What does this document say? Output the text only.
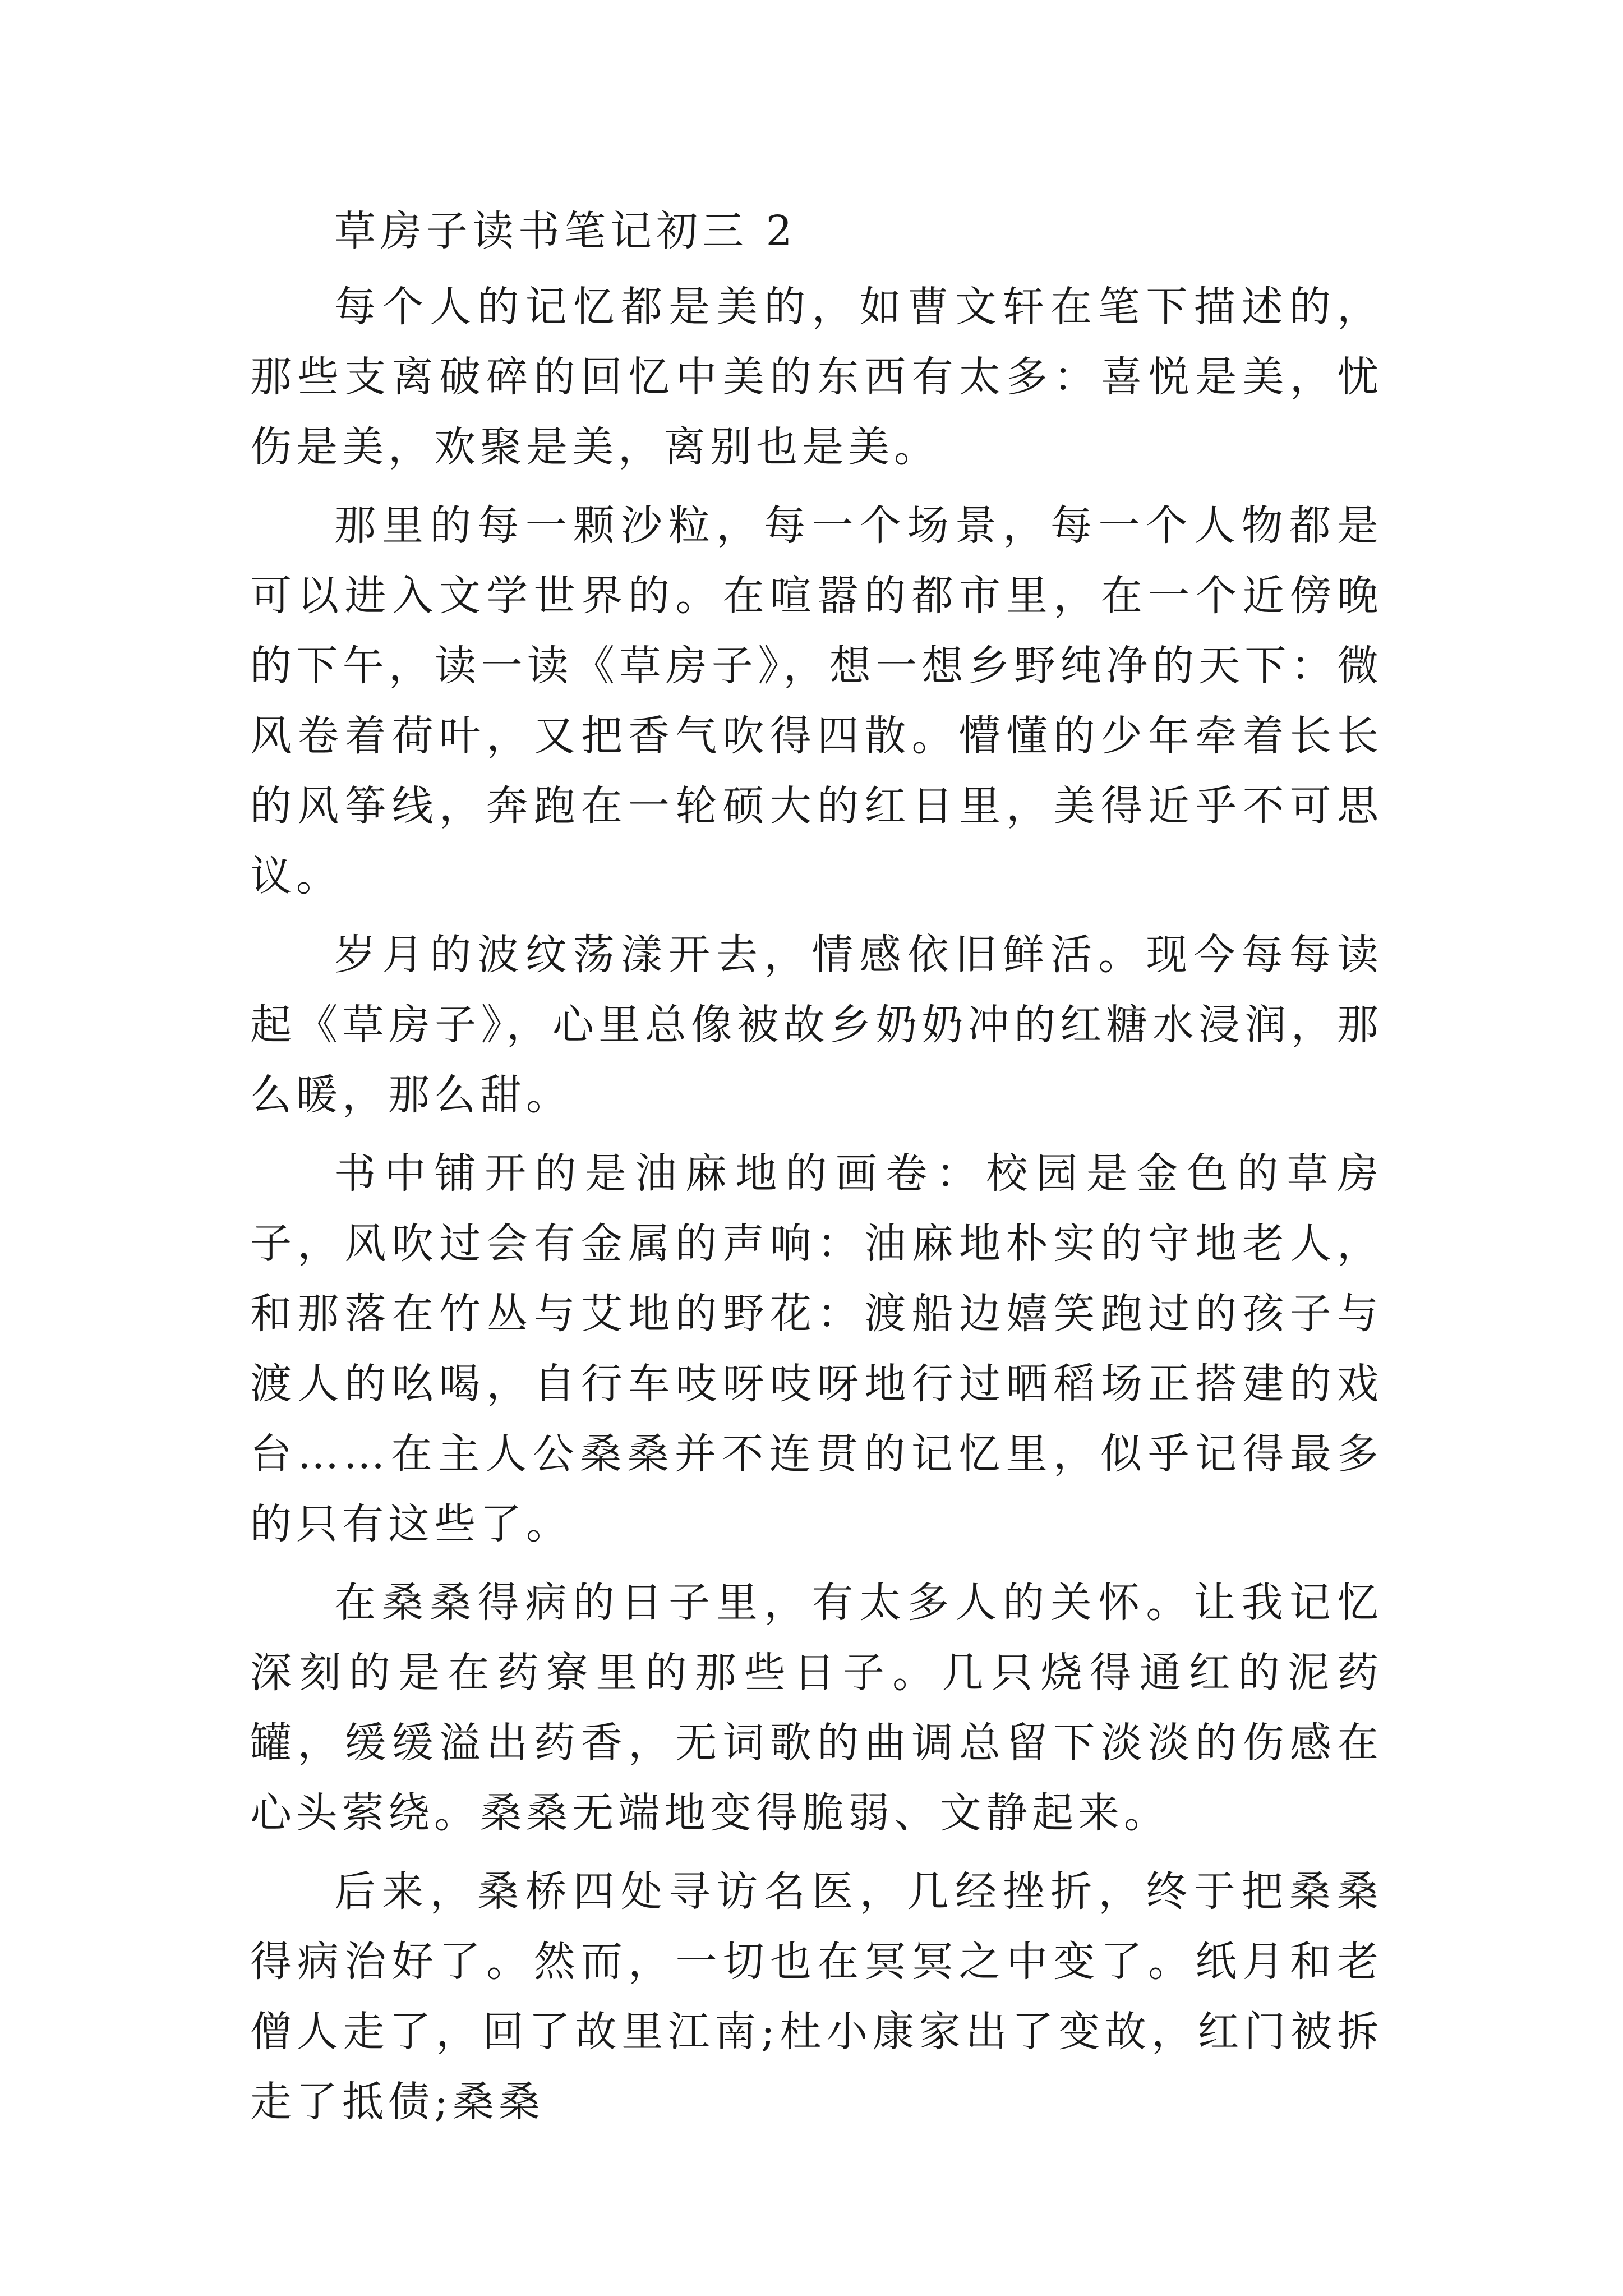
草房子读书笔记初三 2

每个人的记忆都是美的，如曹文轩在笔下描述的，那些支离破碎的回忆中美的东西有太多：喜悦是美，忧伤是美，欢聚是美，离别也是美。

那里的每一颗沙粒，每一个场景，每一个人物都是可以进入文学世界的。在喧嚣的都市里，在一个近傍晚的下午，读一读《草房子》，想一想乡野纯净的天下：微风卷着荷叶，又把香气吹得四散。懵懂的少年牵着长长的风筝线，奔跑在一轮硕大的红日里，美得近乎不可思议。

岁月的波纹荡漾开去，情感依旧鲜活。现今每每读起《草房子》，心里总像被故乡奶奶冲的红糖水浸润，那么暖，那么甜。

书中铺开的是油麻地的画卷：校园是金色的草房子，风吹过会有金属的声响：油麻地朴实的守地老人，和那落在竹丛与艾地的野花：渡船边嬉笑跑过的孩子与渡人的吆喝，自行车吱呀吱呀地行过晒稻场正搭建的戏台……在主人公桑桑并不连贯的记忆里，似乎记得最多的只有这些了。

在桑桑得病的日子里，有太多人的关怀。让我记忆深刻的是在药寮里的那些日子。几只烧得通红的泥药罐，缓缓溢出药香，无词歌的曲调总留下淡淡的伤感在心头萦绕。桑桑无端地变得脆弱、文静起来。

后来，桑桥四处寻访名医，几经挫折，终于把桑桑得病治好了。然而，一切也在冥冥之中变了。纸月和老僧人走了，回了故里江南;杜小康家出了变故，红门被拆走了抵债;桑桑
